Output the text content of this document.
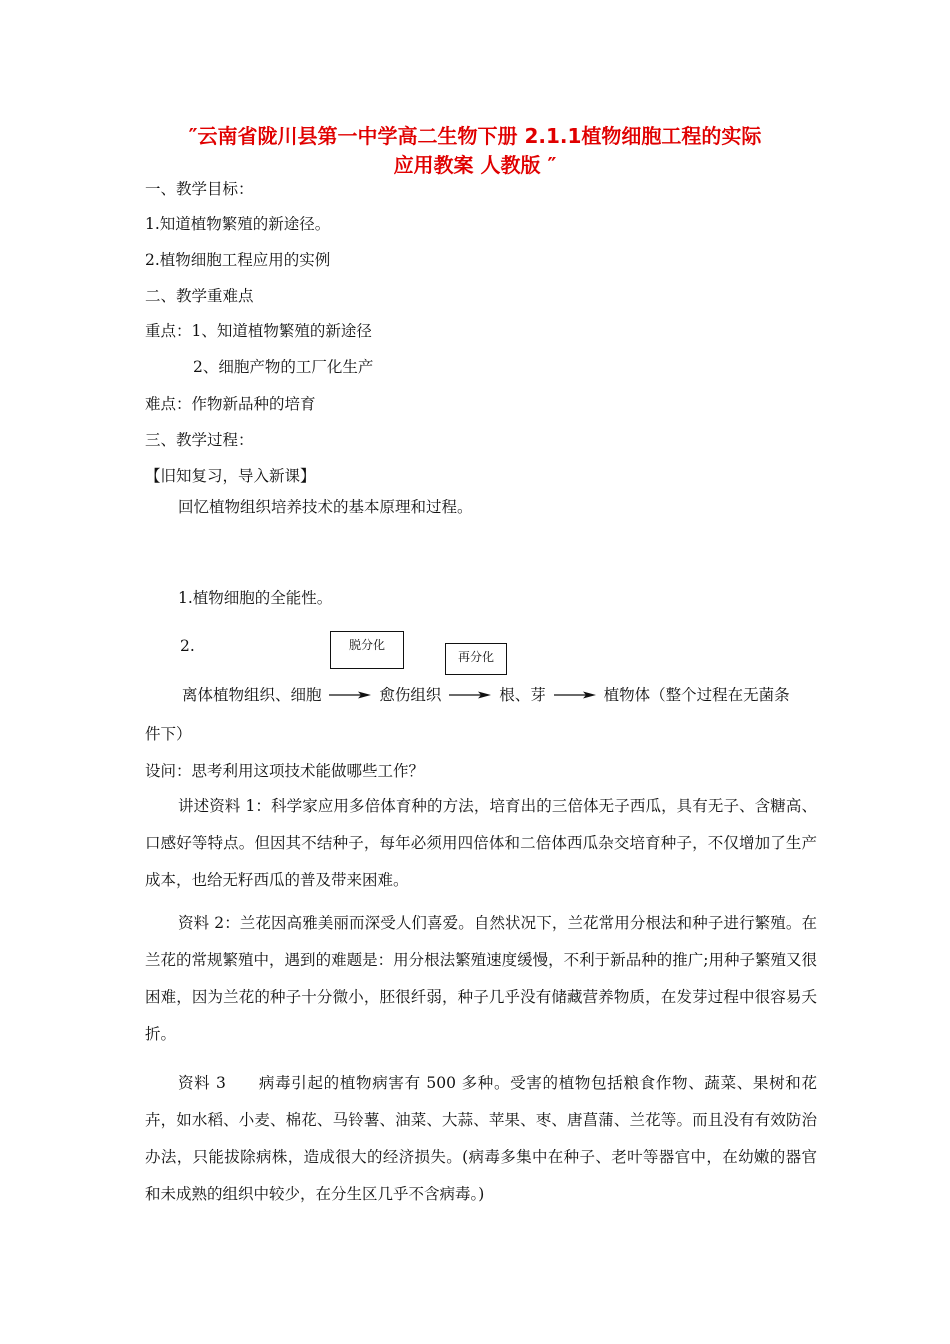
″云南省陇川县第一中学高二生物下册 2.1.1植物细胞工程的实际
应用教案 人教版 ″
一、教学目标：
1.知道植物繁殖的新途径。
2.植物细胞工程应用的实例
二、教学重难点
重点：1、知道植物繁殖的新途径
2、细胞产物的工厂化生产
难点：作物新品种的培育
三、教学过程：
【旧知复习，导入新课】
回忆植物组织培养技术的基本原理和过程。
1.植物细胞的全能性。
2.	脱分化
再分化
离体植物组织、细胞	愈伤组织	根、芽	植物体（整个过程在无菌条
件下）
设问：思考利用这项技术能做哪些工作？
讲述资料 1：科学家应用多倍体育种的方法，培育出的三倍体无子西瓜，具有无子、含糖高、口感好等特点。但因其不结种子，每年必须用四倍体和二倍体西瓜杂交培育种子，不仅增加了生产成本，也给无籽西瓜的普及带来困难。
资料 2：兰花因高雅美丽而深受人们喜爱。自然状况下，兰花常用分根法和种子进行繁殖。在兰花的常规繁殖中，遇到的难题是：用分根法繁殖速度缓慢，不利于新品种的推广;用种子繁殖又很困难，因为兰花的种子十分微小，胚很纤弱，种子几乎没有储藏营养物质，在发芽过程中很容易夭折。
资料 3　　病毒引起的植物病害有 500 多种。受害的植物包括粮食作物、蔬菜、果树和花卉，如水稻、小麦、棉花、马铃薯、油菜、大蒜、苹果、枣、唐菖蒲、兰花等。而且没有有效防治办法，只能拔除病株，造成很大的经济损失。(病毒多集中在种子、老叶等器官中，在幼嫩的器官和未成熟的组织中较少，在分生区几乎不含病毒。)
